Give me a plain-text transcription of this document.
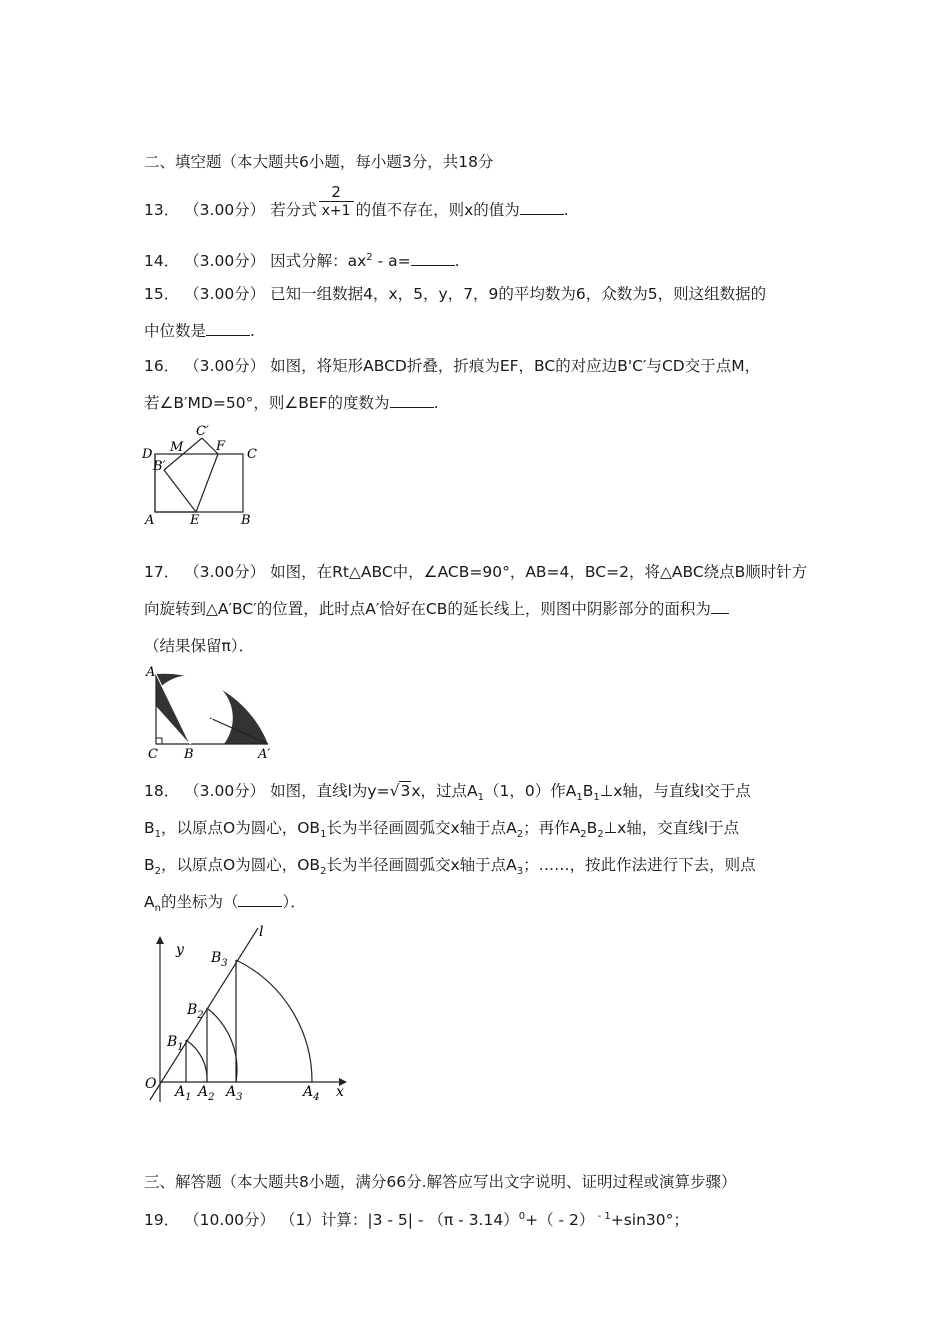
二、填空题（本大题共6小题，每小题3分，共18分
13． （3.00分） 若分式 $\frac{2}{x+1}$ 的值不存在，则x的值为	.
14． （3.00分） 因式分解：$ax^2 - a=$	.
15． （3.00分） 已知一组数据4，x，5，y，7，9的平均数为6，众数为5，则这组数据的
中位数是	.
16． （3.00分） 如图，将矩形ABCD折叠，折痕为EF，BC的对应边B'C′与CD交于点M，
若∠B′MD=50°，则∠BEF的度数为	.
D M
C′
F
C
B′
A	E	B
17． （3.00分） 如图，在Rt△ABC中，∠ACB=90°，AB=4，BC=2，将△ABC绕点B顺时针方
向旋转到△A′BC′的位置，此时点A′恰好在CB的延长线上，则图中阴影部分的面积为
（结果保留π）．
A
C′
C B	A′
18． （3.00分） 如图，直线l为y=√3x，过点$A_1(1$，0）作$A_1B_1\perp x$轴，与直线l交于点
$B_1$，以原点O为圆心，$OB_1$长为半径画圆弧交x轴于点$A_2$；再作$A_2B_2\perp x$轴，交直线l于点
$B_2$，以原点O为圆心，$OB_2$长为半径画圆弧交x轴于点$A_3$；……，按此作法进行下去，则点
$A_n$的坐标为（	）．
y
l
$B_3$
$B_2$
$B_1$
O $A_1$ $A_2$ $A_3$	$A_4$ x
三、解答题（本大题共8小题，满分66分.解答应写出文字说明、证明过程或演算步骤）
19． （10.00分） （1）计算：|3 - 5| - （π - 3.14）$^0$+（ - 2） $^{- 1}$+sin30°；
